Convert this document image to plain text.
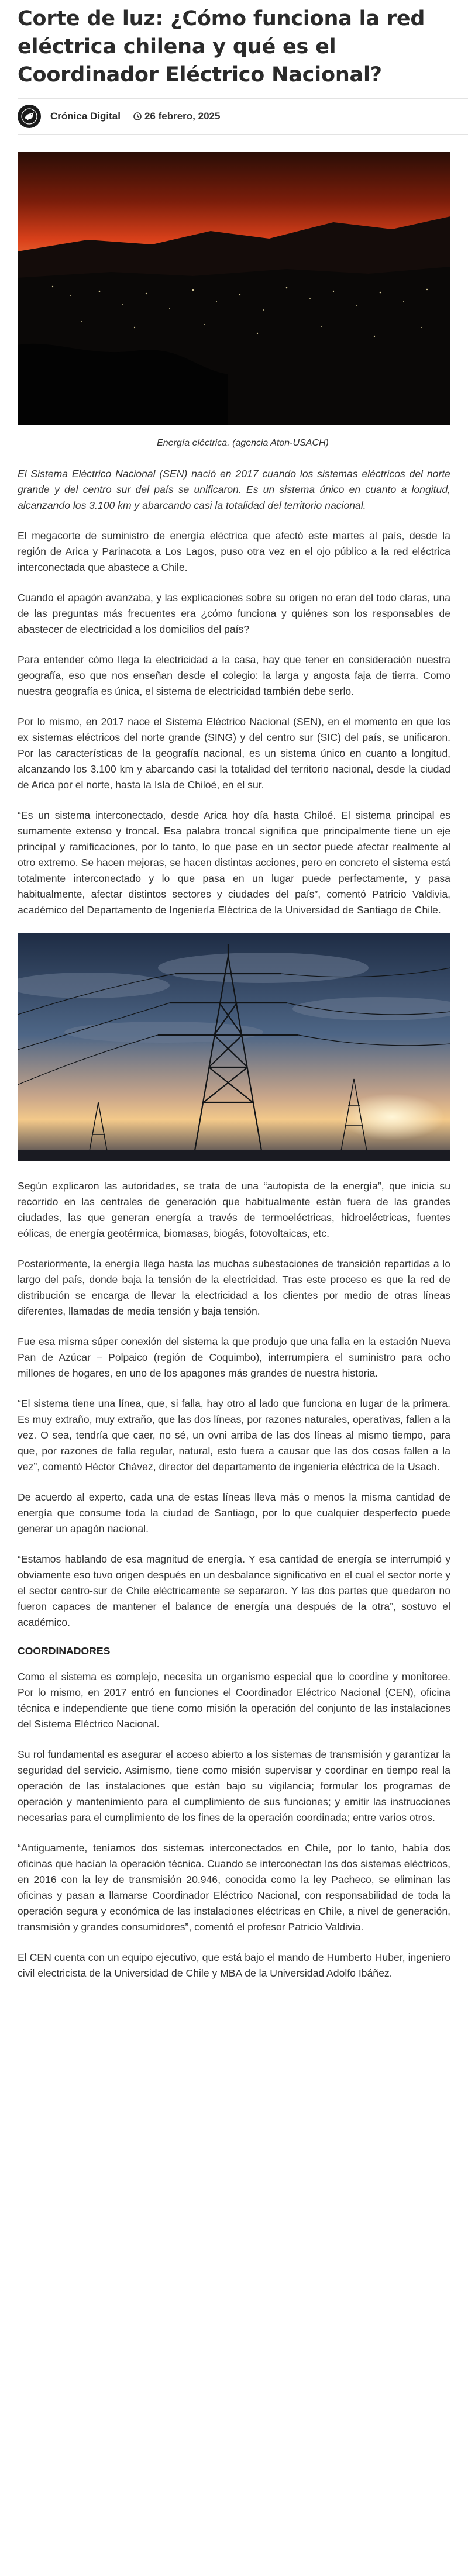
Corte de luz: ¿Cómo funciona la red eléctrica chilena y qué es el Coordinador Eléctrico Nacional?
Crónica Digital 26 febrero, 2025
Energía eléctrica. (agencia Aton-USACH)

El Sistema Eléctrico Nacional (SEN) nació en 2017 cuando los sistemas eléctricos del norte grande y del centro sur del país se unificaron. Es un sistema único en cuanto a longitud, alcanzando los 3.100 km y abarcando casi la totalidad del territorio nacional.

El megacorte de suministro de energía eléctrica que afectó este martes al país, desde la región de Arica y Parinacota a Los Lagos, puso otra vez en el ojo público a la red eléctrica interconectada que abastece a Chile.

Cuando el apagón avanzaba, y las explicaciones sobre su origen no eran del todo claras, una de las preguntas más frecuentes era ¿cómo funciona y quiénes son los responsables de abastecer de electricidad a los domicilios del país?

Para entender cómo llega la electricidad a la casa, hay que tener en consideración nuestra geografía, eso que nos enseñan desde el colegio: la larga y angosta faja de tierra. Como nuestra geografía es única, el sistema de electricidad también debe serlo.

Por lo mismo, en 2017 nace el Sistema Eléctrico Nacional (SEN), en el momento en que los ex sistemas eléctricos del norte grande (SING) y del centro sur (SIC) del país, se unificaron. Por las características de la geografía nacional, es un sistema único en cuanto a longitud, alcanzando los 3.100 km y abarcando casi la totalidad del territorio nacional, desde la ciudad de Arica por el norte, hasta la Isla de Chiloé, en el sur.

“Es un sistema interconectado, desde Arica hoy día hasta Chiloé. El sistema principal es sumamente extenso y troncal. Esa palabra troncal significa que principalmente tiene un eje principal y ramificaciones, por lo tanto, lo que pase en un sector puede afectar realmente al otro extremo. Se hacen mejoras, se hacen distintas acciones, pero en concreto el sistema está totalmente interconectado y lo que pasa en un lugar puede perfectamente, y pasa habitualmente, afectar distintos sectores y ciudades del país”, comentó Patricio Valdivia, académico del Departamento de Ingeniería Eléctrica de la Universidad de Santiago de Chile.

Según explicaron las autoridades, se trata de una “autopista de la energía”, que inicia su recorrido en las centrales de generación que habitualmente están fuera de las grandes ciudades, las que generan energía a través de termoeléctricas, hidroeléctricas, fuentes eólicas, de energía geotérmica, biomasas, biogás, fotovoltaicas, etc.

Posteriormente, la energía llega hasta las muchas subestaciones de transición repartidas a lo largo del país, donde baja la tensión de la electricidad. Tras este proceso es que la red de distribución se encarga de llevar la electricidad a los clientes por medio de otras líneas diferentes, llamadas de media tensión y baja tensión.

Fue esa misma súper conexión del sistema la que produjo que una falla en la estación Nueva Pan de Azúcar – Polpaico (región de Coquimbo), interrumpiera el suministro para ocho millones de hogares, en uno de los apagones más grandes de nuestra historia.

“El sistema tiene una línea, que, si falla, hay otro al lado que funciona en lugar de la primera. Es muy extraño, muy extraño, que las dos líneas, por razones naturales, operativas, fallen a la vez. O sea, tendría que caer, no sé, un ovni arriba de las dos líneas al mismo tiempo, para que, por razones de falla regular, natural, esto fuera a causar que las dos cosas fallen a la vez”, comentó Héctor Chávez, director del departamento de ingeniería eléctrica de la Usach.

De acuerdo al experto, cada una de estas líneas lleva más o menos la misma cantidad de energía que consume toda la ciudad de Santiago, por lo que cualquier desperfecto puede generar un apagón nacional.

“Estamos hablando de esa magnitud de energía. Y esa cantidad de energía se interrumpió y obviamente eso tuvo origen después en un desbalance significativo en el cual el sector norte y el sector centro-sur de Chile eléctricamente se separaron. Y las dos partes que quedaron no fueron capaces de mantener el balance de energía una después de la otra”, sostuvo el académico.

COORDINADORES

Como el sistema es complejo, necesita un organismo especial que lo coordine y monitoree. Por lo mismo, en 2017 entró en funciones el Coordinador Eléctrico Nacional (CEN), oficina técnica e independiente que tiene como misión la operación del conjunto de las instalaciones del Sistema Eléctrico Nacional.

Su rol fundamental es asegurar el acceso abierto a los sistemas de transmisión y garantizar la seguridad del servicio. Asimismo, tiene como misión supervisar y coordinar en tiempo real la operación de las instalaciones que están bajo su vigilancia; formular los programas de operación y mantenimiento para el cumplimiento de sus funciones; y emitir las instrucciones necesarias para el cumplimiento de los fines de la operación coordinada; entre varios otros.

“Antiguamente, teníamos dos sistemas interconectados en Chile, por lo tanto, había dos oficinas que hacían la operación técnica. Cuando se interconectan los dos sistemas eléctricos, en 2016 con la ley de transmisión 20.946, conocida como la ley Pacheco, se eliminan las oficinas y pasan a llamarse Coordinador Eléctrico Nacional, con responsabilidad de toda la operación segura y económica de las instalaciones eléctricas en Chile, a nivel de generación, transmisión y grandes consumidores”, comentó el profesor Patricio Valdivia.

El CEN cuenta con un equipo ejecutivo, que está bajo el mando de Humberto Huber, ingeniero civil electricista de la Universidad de Chile y MBA de la Universidad Adolfo Ibáñez.
